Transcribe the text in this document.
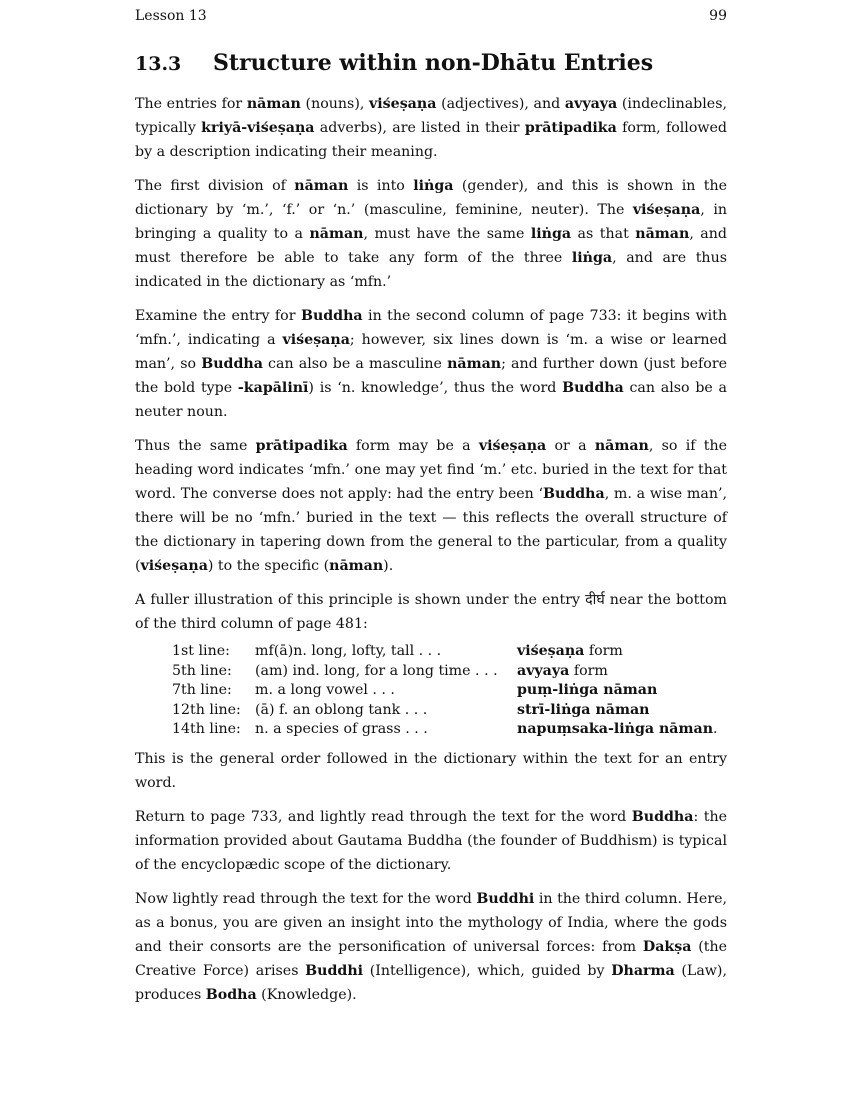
Lesson 13	99
13.3 Structure within non-Dhātu Entries

The entries for nāman (nouns), viśeṣaṇa (adjectives), and avyaya (indeclinables, typically kriyā-viśeṣaṇa adverbs), are listed in their prātipadika form, followed by a description indicating their meaning.

The first division of nāman is into liṅga (gender), and this is shown in the dictionary by ‘m.’, ‘f.’ or ‘n.’ (masculine, feminine, neuter). The viśeṣaṇa, in bringing a quality to a nāman, must have the same liṅga as that nāman, and must therefore be able to take any form of the three liṅga, and are thus indicated in the dictionary as ‘mfn.’

Examine the entry for Buddha in the second column of page 733: it begins with ‘mfn.’, indicating a viśeṣaṇa; however, six lines down is ‘m. a wise or learned man’, so Buddha can also be a masculine nāman; and further down (just before the bold type -kapālinī) is ‘n. knowledge’, thus the word Buddha can also be a neuter noun.

Thus the same prātipadika form may be a viśeṣaṇa or a nāman, so if the heading word indicates ‘mfn.’ one may yet find ‘m.’ etc. buried in the text for that word. The converse does not apply: had the entry been ‘Buddha, m. a wise man’, there will be no ‘mfn.’ buried in the text — this reflects the overall structure of the dictionary in tapering down from the general to the particular, from a quality (viśeṣaṇa) to the specific (nāman).

A fuller illustration of this principle is shown under the entry दीर्घ near the bottom of the third column of page 481:

1st line:	mf(ā)n. long, lofty, tall . . .	viśeṣaṇa form
5th line:	(am) ind. long, for a long time . . .	avyaya form
7th line:	m. a long vowel . . .	puṃ-liṅga nāman
12th line:	(ā) f. an oblong tank . . .	strī-liṅga nāman
14th line:	n. a species of grass . . .	napuṃsaka-liṅga nāman.

This is the general order followed in the dictionary within the text for an entry word.

Return to page 733, and lightly read through the text for the word Buddha: the information provided about Gautama Buddha (the founder of Buddhism) is typical of the encyclopædic scope of the dictionary.

Now lightly read through the text for the word Buddhi in the third column. Here, as a bonus, you are given an insight into the mythology of India, where the gods and their consorts are the personification of universal forces: from Dakṣa (the Creative Force) arises Buddhi (Intelligence), which, guided by Dharma (Law), produces Bodha (Knowledge).
